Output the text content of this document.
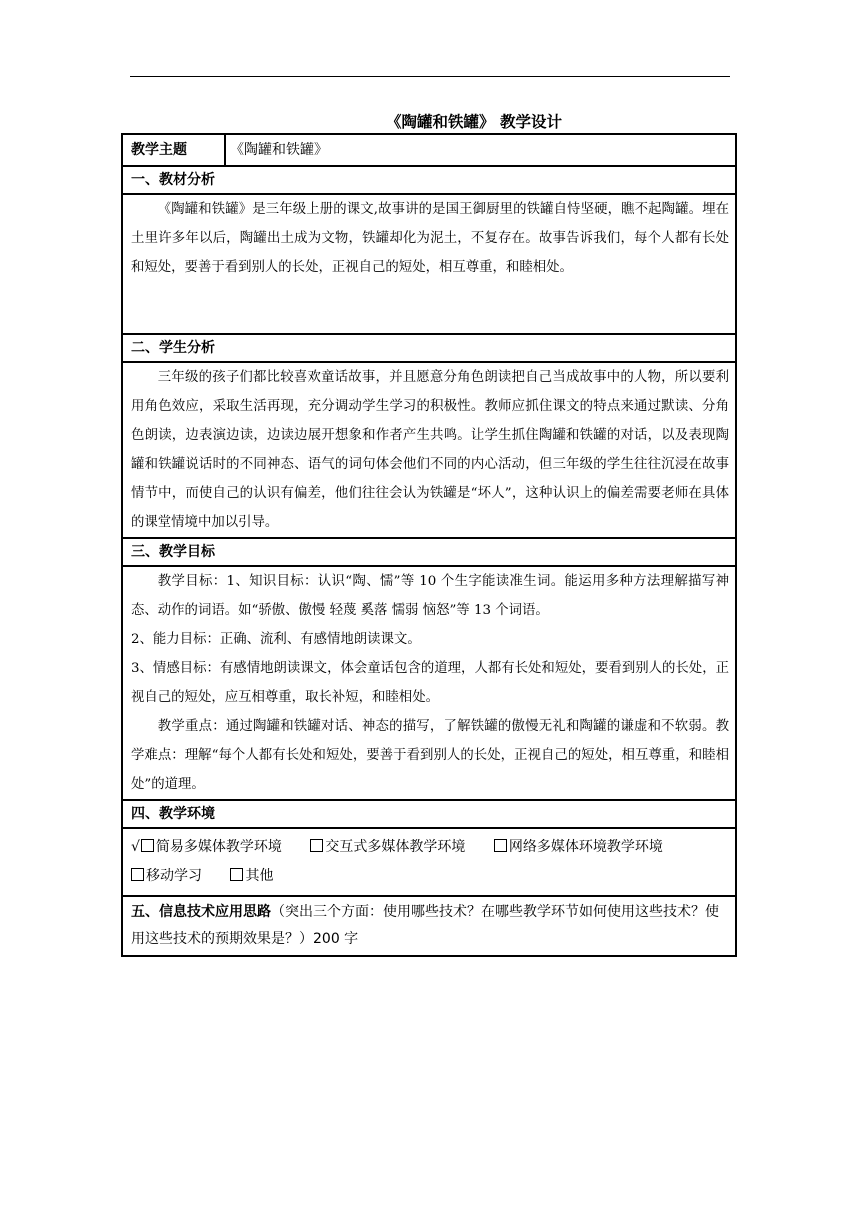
《陶罐和铁罐》 教学设计
教学主题	《陶罐和铁罐》
一、教材分析

《陶罐和铁罐》是三年级上册的课文,故事讲的是国王御厨里的铁罐自恃坚硬，瞧不起陶罐。埋在土里许多年以后，陶罐出土成为文物，铁罐却化为泥土，不复存在。故事告诉我们，每个人都有长处和短处，要善于看到别人的长处，正视自己的短处，相互尊重，和睦相处。

二、学生分析

三年级的孩子们都比较喜欢童话故事，并且愿意分角色朗读把自己当成故事中的人物，所以要利用角色效应，采取生活再现，充分调动学生学习的积极性。教师应抓住课文的特点来通过默读、分角色朗读，边表演边读，边读边展开想象和作者产生共鸣。让学生抓住陶罐和铁罐的对话，以及表现陶罐和铁罐说话时的不同神态、语气的词句体会他们不同的内心活动，但三年级的学生往往沉浸在故事情节中，而使自己的认识有偏差，他们往往会认为铁罐是“坏人”，这种认识上的偏差需要老师在具体的课堂情境中加以引导。

三、教学目标

教学目标：1、知识目标：认识“陶、懦”等 10 个生字能读准生词。能运用多种方法理解描写神态、动作的词语。如“骄傲、傲慢 轻蔑 奚落 懦弱 恼怒”等 13 个词语。

2、能力目标：正确、流利、有感情地朗读课文。

3、情感目标：有感情地朗读课文，体会童话包含的道理，人都有长处和短处，要看到别人的长处，正视自己的短处，应互相尊重，取长补短，和睦相处。

教学重点：通过陶罐和铁罐对话、神态的描写，了解铁罐的傲慢无礼和陶罐的谦虚和不软弱。教学难点：理解“每个人都有长处和短处，要善于看到别人的长处，正视自己的短处，相互尊重，和睦相处”的道理。

四、教学环境

√ 简易多媒体教学环境	交互式多媒体教学环境	网络多媒体环境教学环境
移动学习	其他

五、信息技术应用思路（突出三个方面：使用哪些技术？在哪些教学环节如何使用这些技术？使用这些技术的预期效果是？）200 字
